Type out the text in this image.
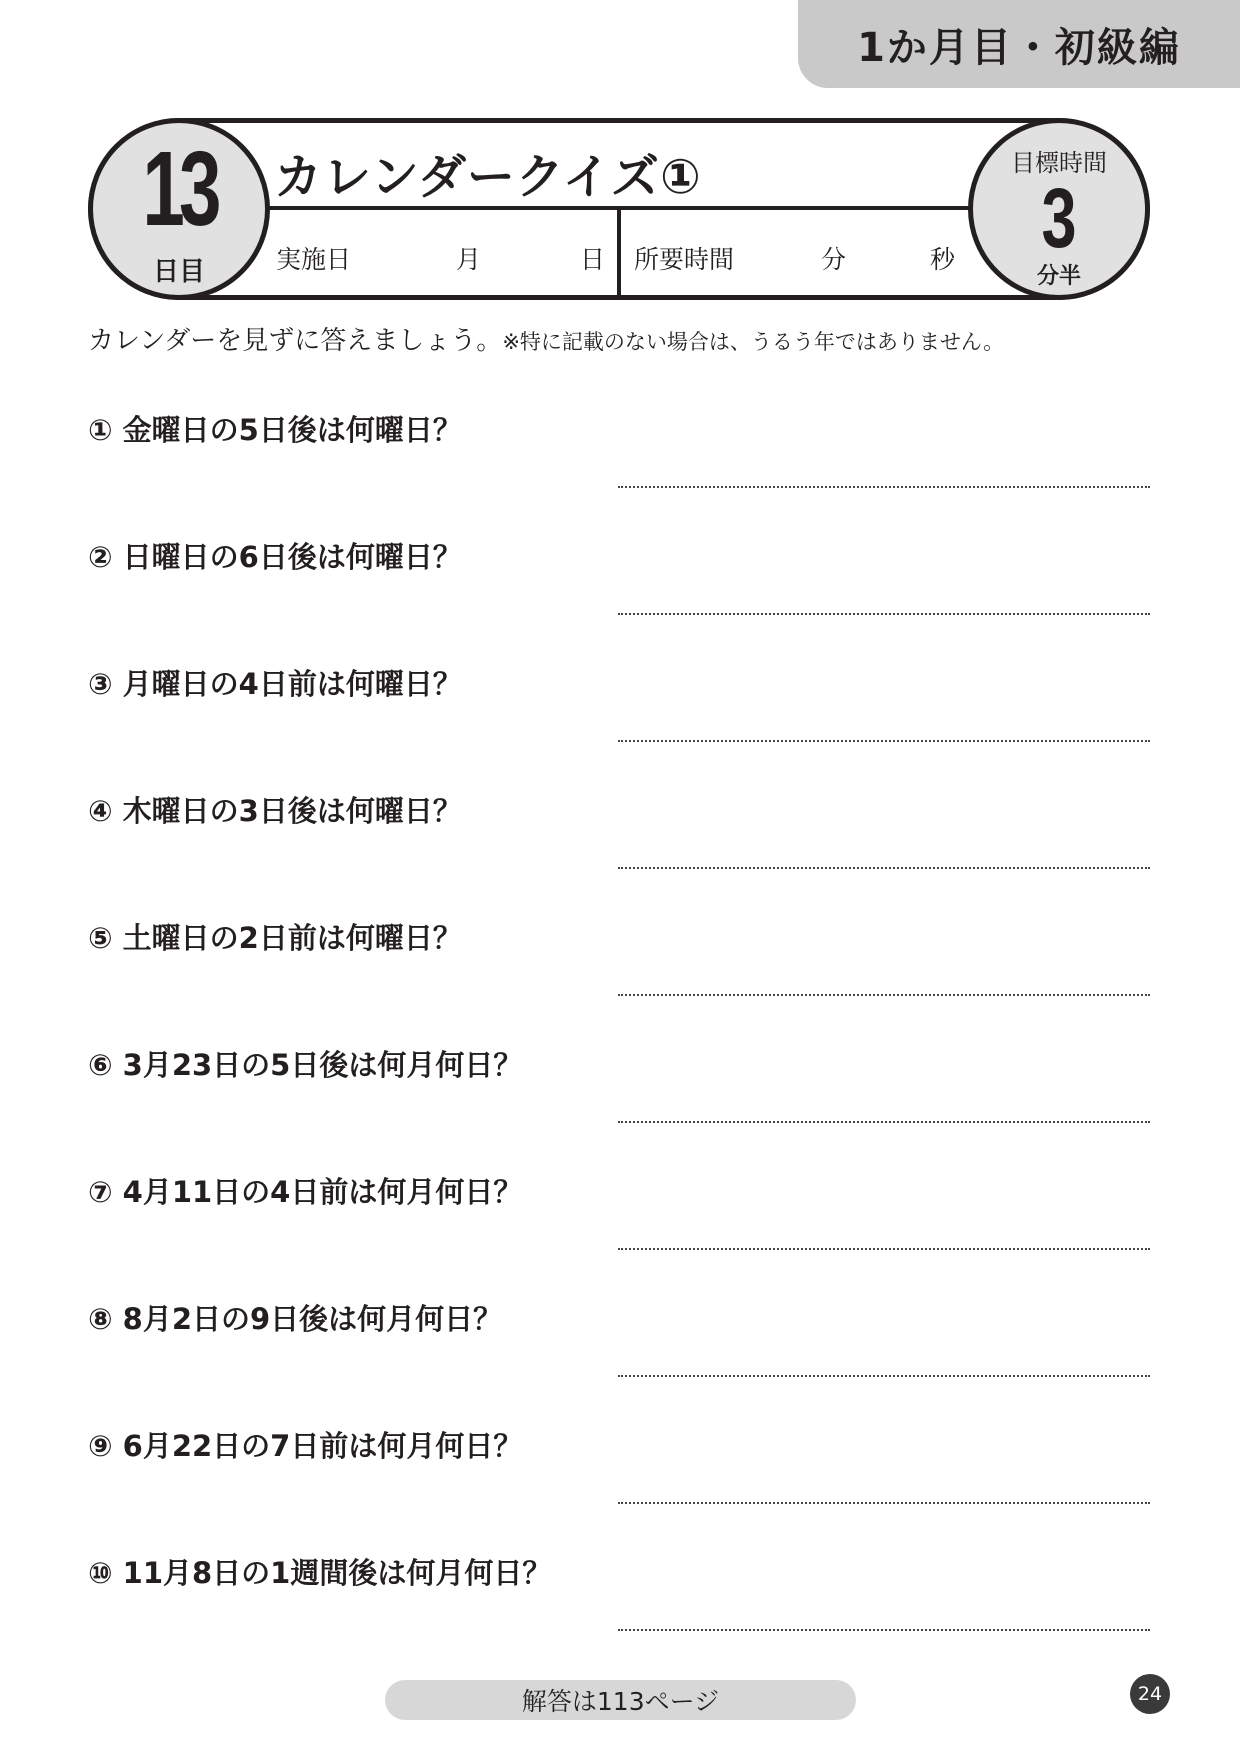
1か月目・初級編
13
日目
カレンダークイズ①
実施日	月	日 所要時間	分	秒
目標時間
3
分半
カレンダーを見ずに答えましょう。※特に記載のない場合は、うるう年ではありません。
① 金曜日の5日後は何曜日？
② 日曜日の6日後は何曜日？
③ 月曜日の4日前は何曜日？
④ 木曜日の3日後は何曜日？
⑤ 土曜日の2日前は何曜日？
⑥ 3月23日の5日後は何月何日？
⑦ 4月11日の4日前は何月何日？
⑧ 8月2日の9日後は何月何日？
⑨ 6月22日の7日前は何月何日？
⑩ 11月8日の1週間後は何月何日？
解答は113ページ	24
